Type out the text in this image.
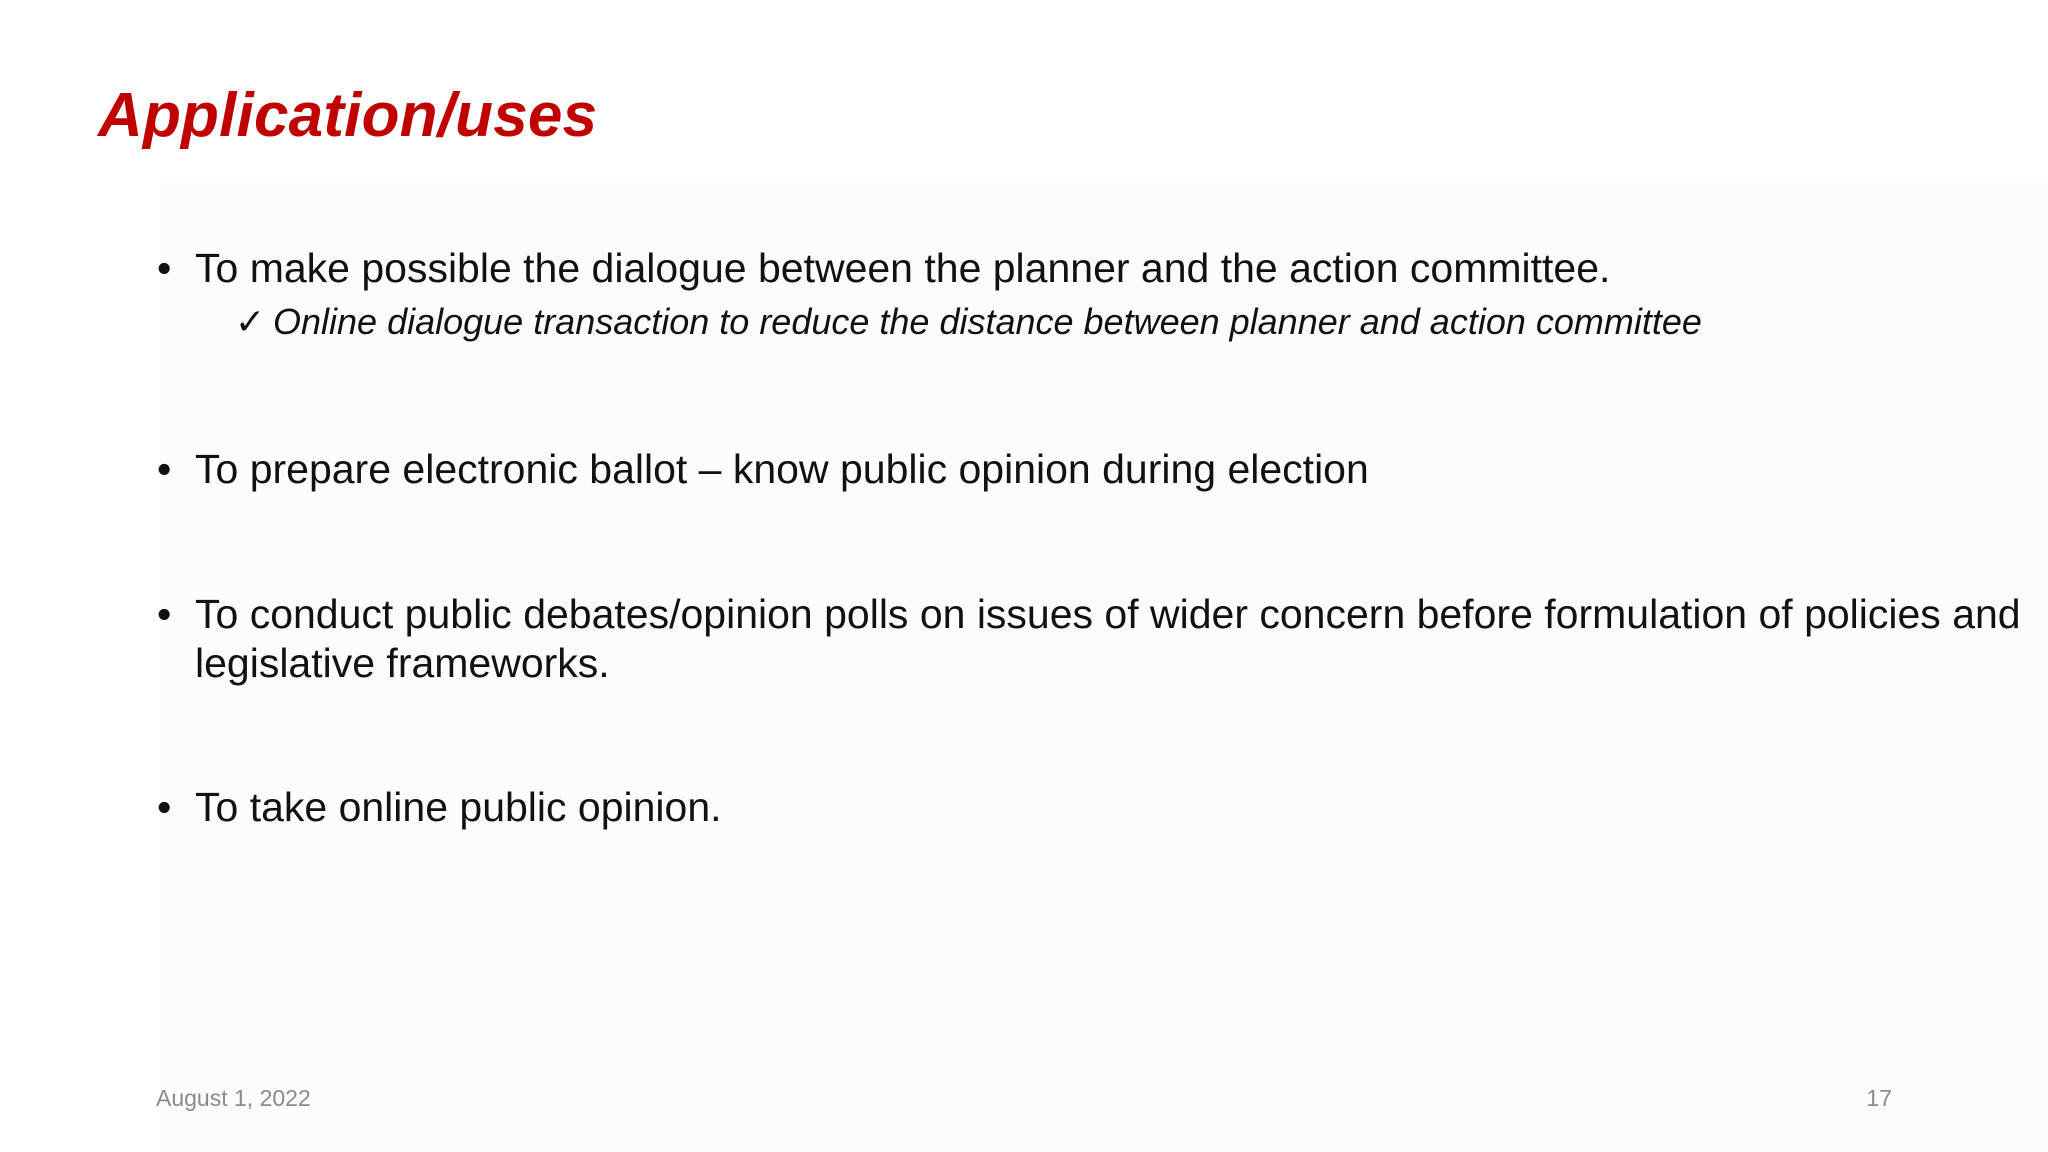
Application/uses
• To make possible the dialogue between the planner and the action committee.
✓ Online dialogue transaction to reduce the distance between planner and action committee
• To prepare electronic ballot – know public opinion during election
• To conduct public debates/opinion polls on issues of wider concern before formulation of policies and legislative frameworks.
• To take online public opinion.
August 1, 2022	17
